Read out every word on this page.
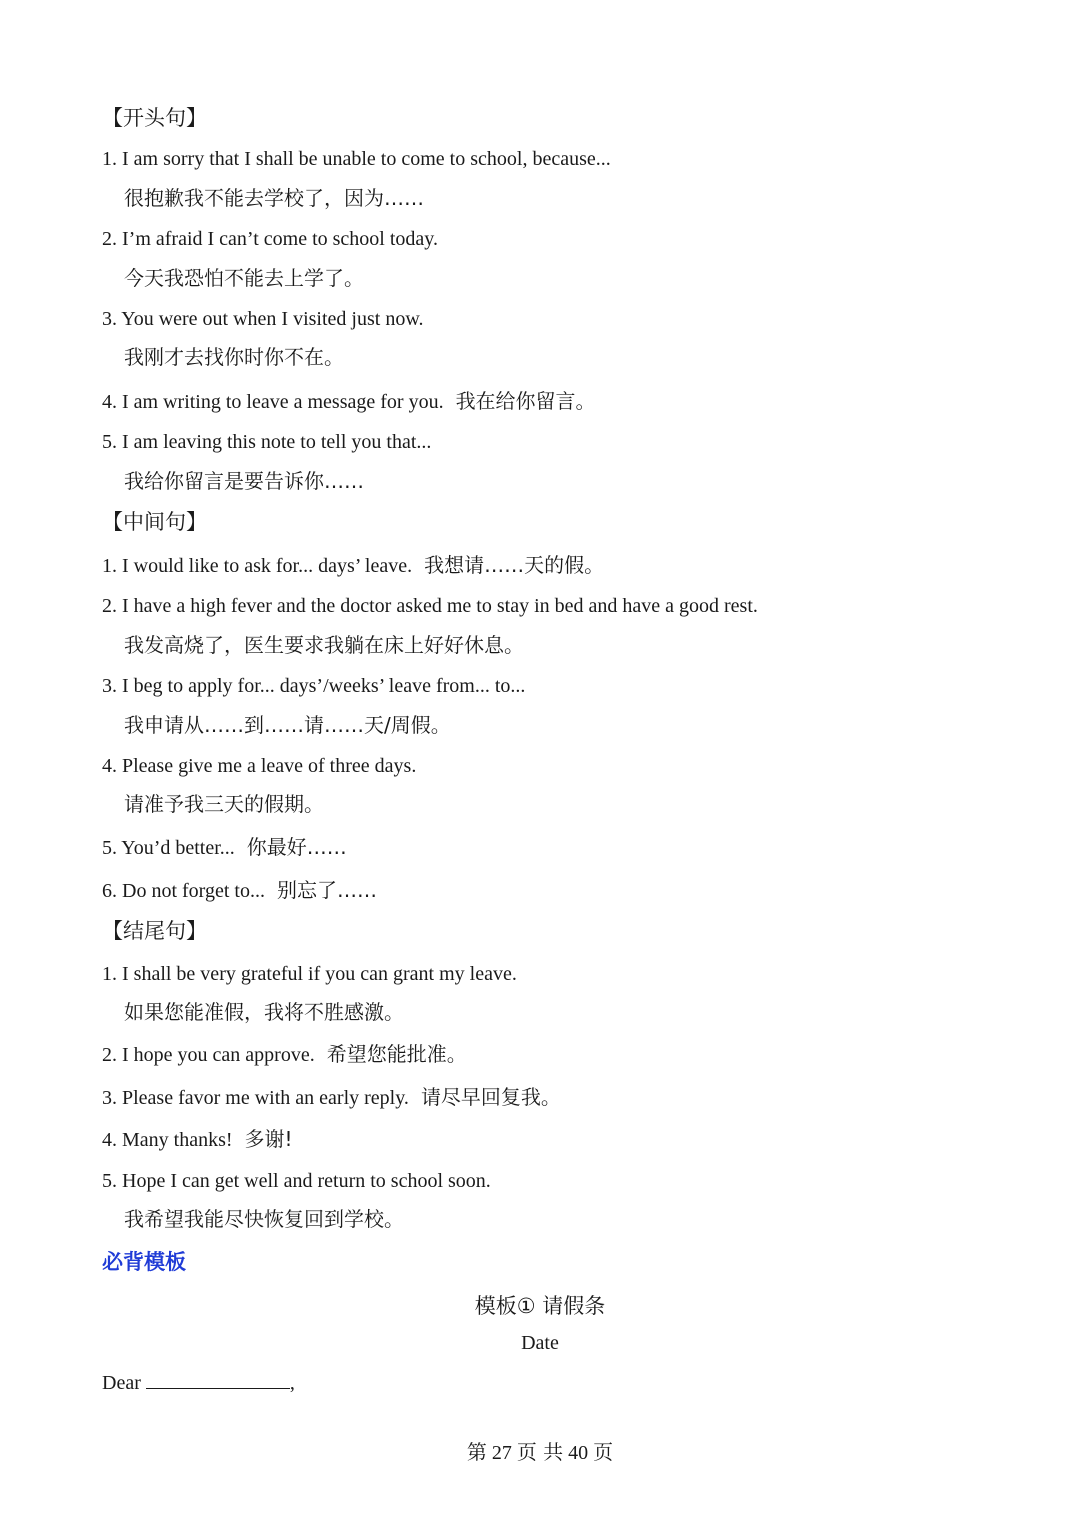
【开头句】
1. I am sorry that I shall be unable to come to school, because...
很抱歉我不能去学校了，因为……
2. I’m afraid I can’t come to school today.
今天我恐怕不能去上学了。
3. You were out when I visited just now.
我刚才去找你时你不在。
4. I am writing to leave a message for you. 我在给你留言。
5. I am leaving this note to tell you that...
我给你留言是要告诉你……
【中间句】
1. I would like to ask for... days’ leave. 我想请……天的假。
2. I have a high fever and the doctor asked me to stay in bed and have a good rest.
我发高烧了，医生要求我躺在床上好好休息。
3. I beg to apply for... days’/weeks’ leave from... to...
我申请从……到……请……天/周假。
4. Please give me a leave of three days.
请准予我三天的假期。
5. You’d better... 你最好……
6. Do not forget to... 别忘了……
【结尾句】
1. I shall be very grateful if you can grant my leave.
如果您能准假，我将不胜感激。
2. I hope you can approve. 希望您能批准。
3. Please favor me with an early reply. 请尽早回复我。
4. Many thanks! 多谢!
5. Hope I can get well and return to school soon.
我希望我能尽快恢复回到学校。
必背模板
模板① 请假条
Date
Dear	,
第 27 页 共 40 页
